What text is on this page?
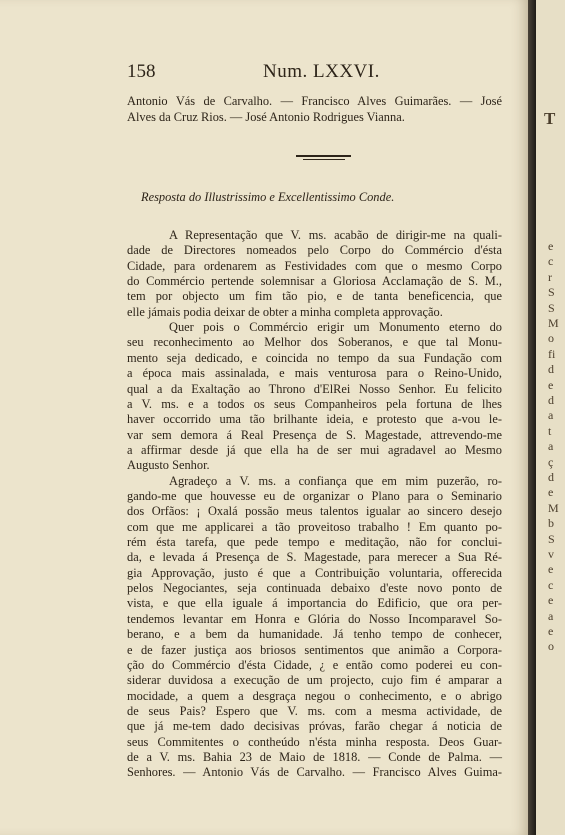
158	Num. LXXVI.
Resposta do Illustrissimo e Excellentissimo Conde.
Antonio Vás de Carvalho. — Francisco Alves Guimarães. — José
Alves da Cruz Rios. — José Antonio Rodrigues Vianna.
A Representação que V. ms. acabão de dirigir-me na quali-
dade de Directores nomeados pelo Corpo do Commércio d'ésta
Cidade, para ordenarem as Festividades com que o mesmo Corpo
do Commércio pertende solemnisar a Gloriosa Acclamação de S. M.,
tem por objecto um fim tão pio, e de tanta beneficencia, que
elle jámais podia deixar de obter a minha completa approvação.
Quer pois o Commércio erigir um Monumento eterno do
seu reconhecimento ao Melhor dos Soberanos, e que tal Monu-
mento seja dedicado, e coincida no tempo da sua Fundação com
a época mais assinalada, e mais venturosa para o Reino-Unido,
qual a da Exaltação ao Throno d'ElRei Nosso Senhor. Eu felicito
a V. ms. e a todos os seus Companheiros pela fortuna de lhes
haver occorrido uma tão brilhante ideia, e protesto que a-vou le-
var sem demora á Real Presença de S. Magestade, attrevendo-me
a affirmar desde já que ella ha de ser mui agradavel ao Mesmo
Augusto Senhor.
Agradeço a V. ms. a confiança que em mim puzerão, ro-
gando-me que houvesse eu de organizar o Plano para o Seminario
dos Orfãos: ¡ Oxalá possão meus talentos igualar ao sincero desejo
com que me applicarei a tão proveitoso trabalho ! Em quanto po-
rém ésta tarefa, que pede tempo e meditação, não for conclui-
da, e levada á Presença de S. Magestade, para merecer a Sua Ré-
gia Approvação, justo é que a Contribuição voluntaria, offerecida
pelos Negociantes, seja continuada debaixo d'este novo ponto de
vista, e que ella iguale á importancia do Edificio, que ora per-
tendemos levantar em Honra e Glória do Nosso Incomparavel So-
berano, e a bem da humanidade. Já tenho tempo de conhecer,
e de fazer justiça aos briosos sentimentos que animão a Corpora-
ção do Commércio d'ésta Cidade, ¿ e então como poderei eu con-
siderar duvidosa a execução de um projecto, cujo fim é amparar a
mocidade, a quem a desgraça negou o conhecimento, e o abrigo
de seus Pais? Espero que V. ms. com a mesma actividade, de
que já me-tem dado decisivas próvas, farão chegar á noticia de
seus Commitentes o contheúdo n'ésta minha resposta. Deos Guar-
de a V. ms. Bahia 23 de Maio de 1818. — Conde de Palma. —
Senhores. — Antonio Vás de Carvalho. — Francisco Alves Guima-
T
e
c
r
S
S
M
o
fi
d
e
d
a
t
a
ç
d
e
M
b
S
v
e
c
e
a
e
o
